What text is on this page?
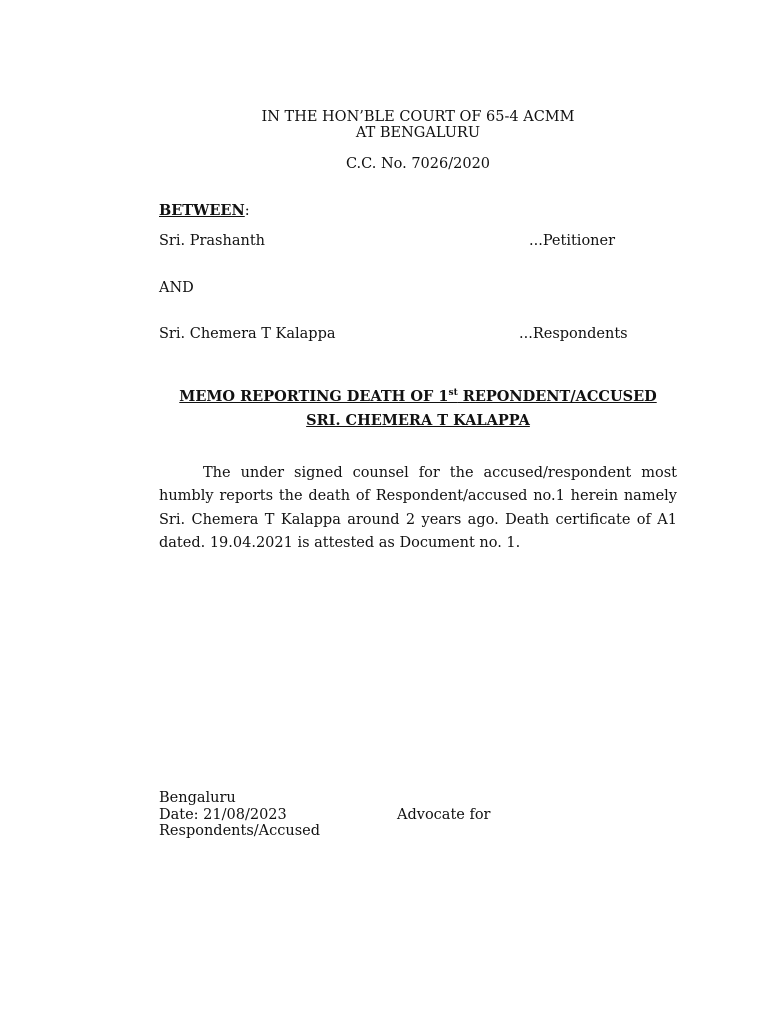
IN THE HON’BLE COURT OF 65-4 ACMM
AT BENGALURU
C.C. No. 7026/2020
BETWEEN:
Sri. Prashanth	...Petitioner
AND
Sri. Chemera T Kalappa	...Respondents
MEMO REPORTING DEATH OF 1st REPONDENT/ACCUSED
SRI. CHEMERA T KALAPPA
The under signed counsel for the accused/respondent most humbly reports the death of Respondent/accused no.1 herein namely Sri. Chemera T Kalappa around 2 years ago. Death certificate of A1 dated. 19.04.2021 is attested as Document no. 1.
Bengaluru
Date: 21/08/2023	Advocate for
Respondents/Accused
